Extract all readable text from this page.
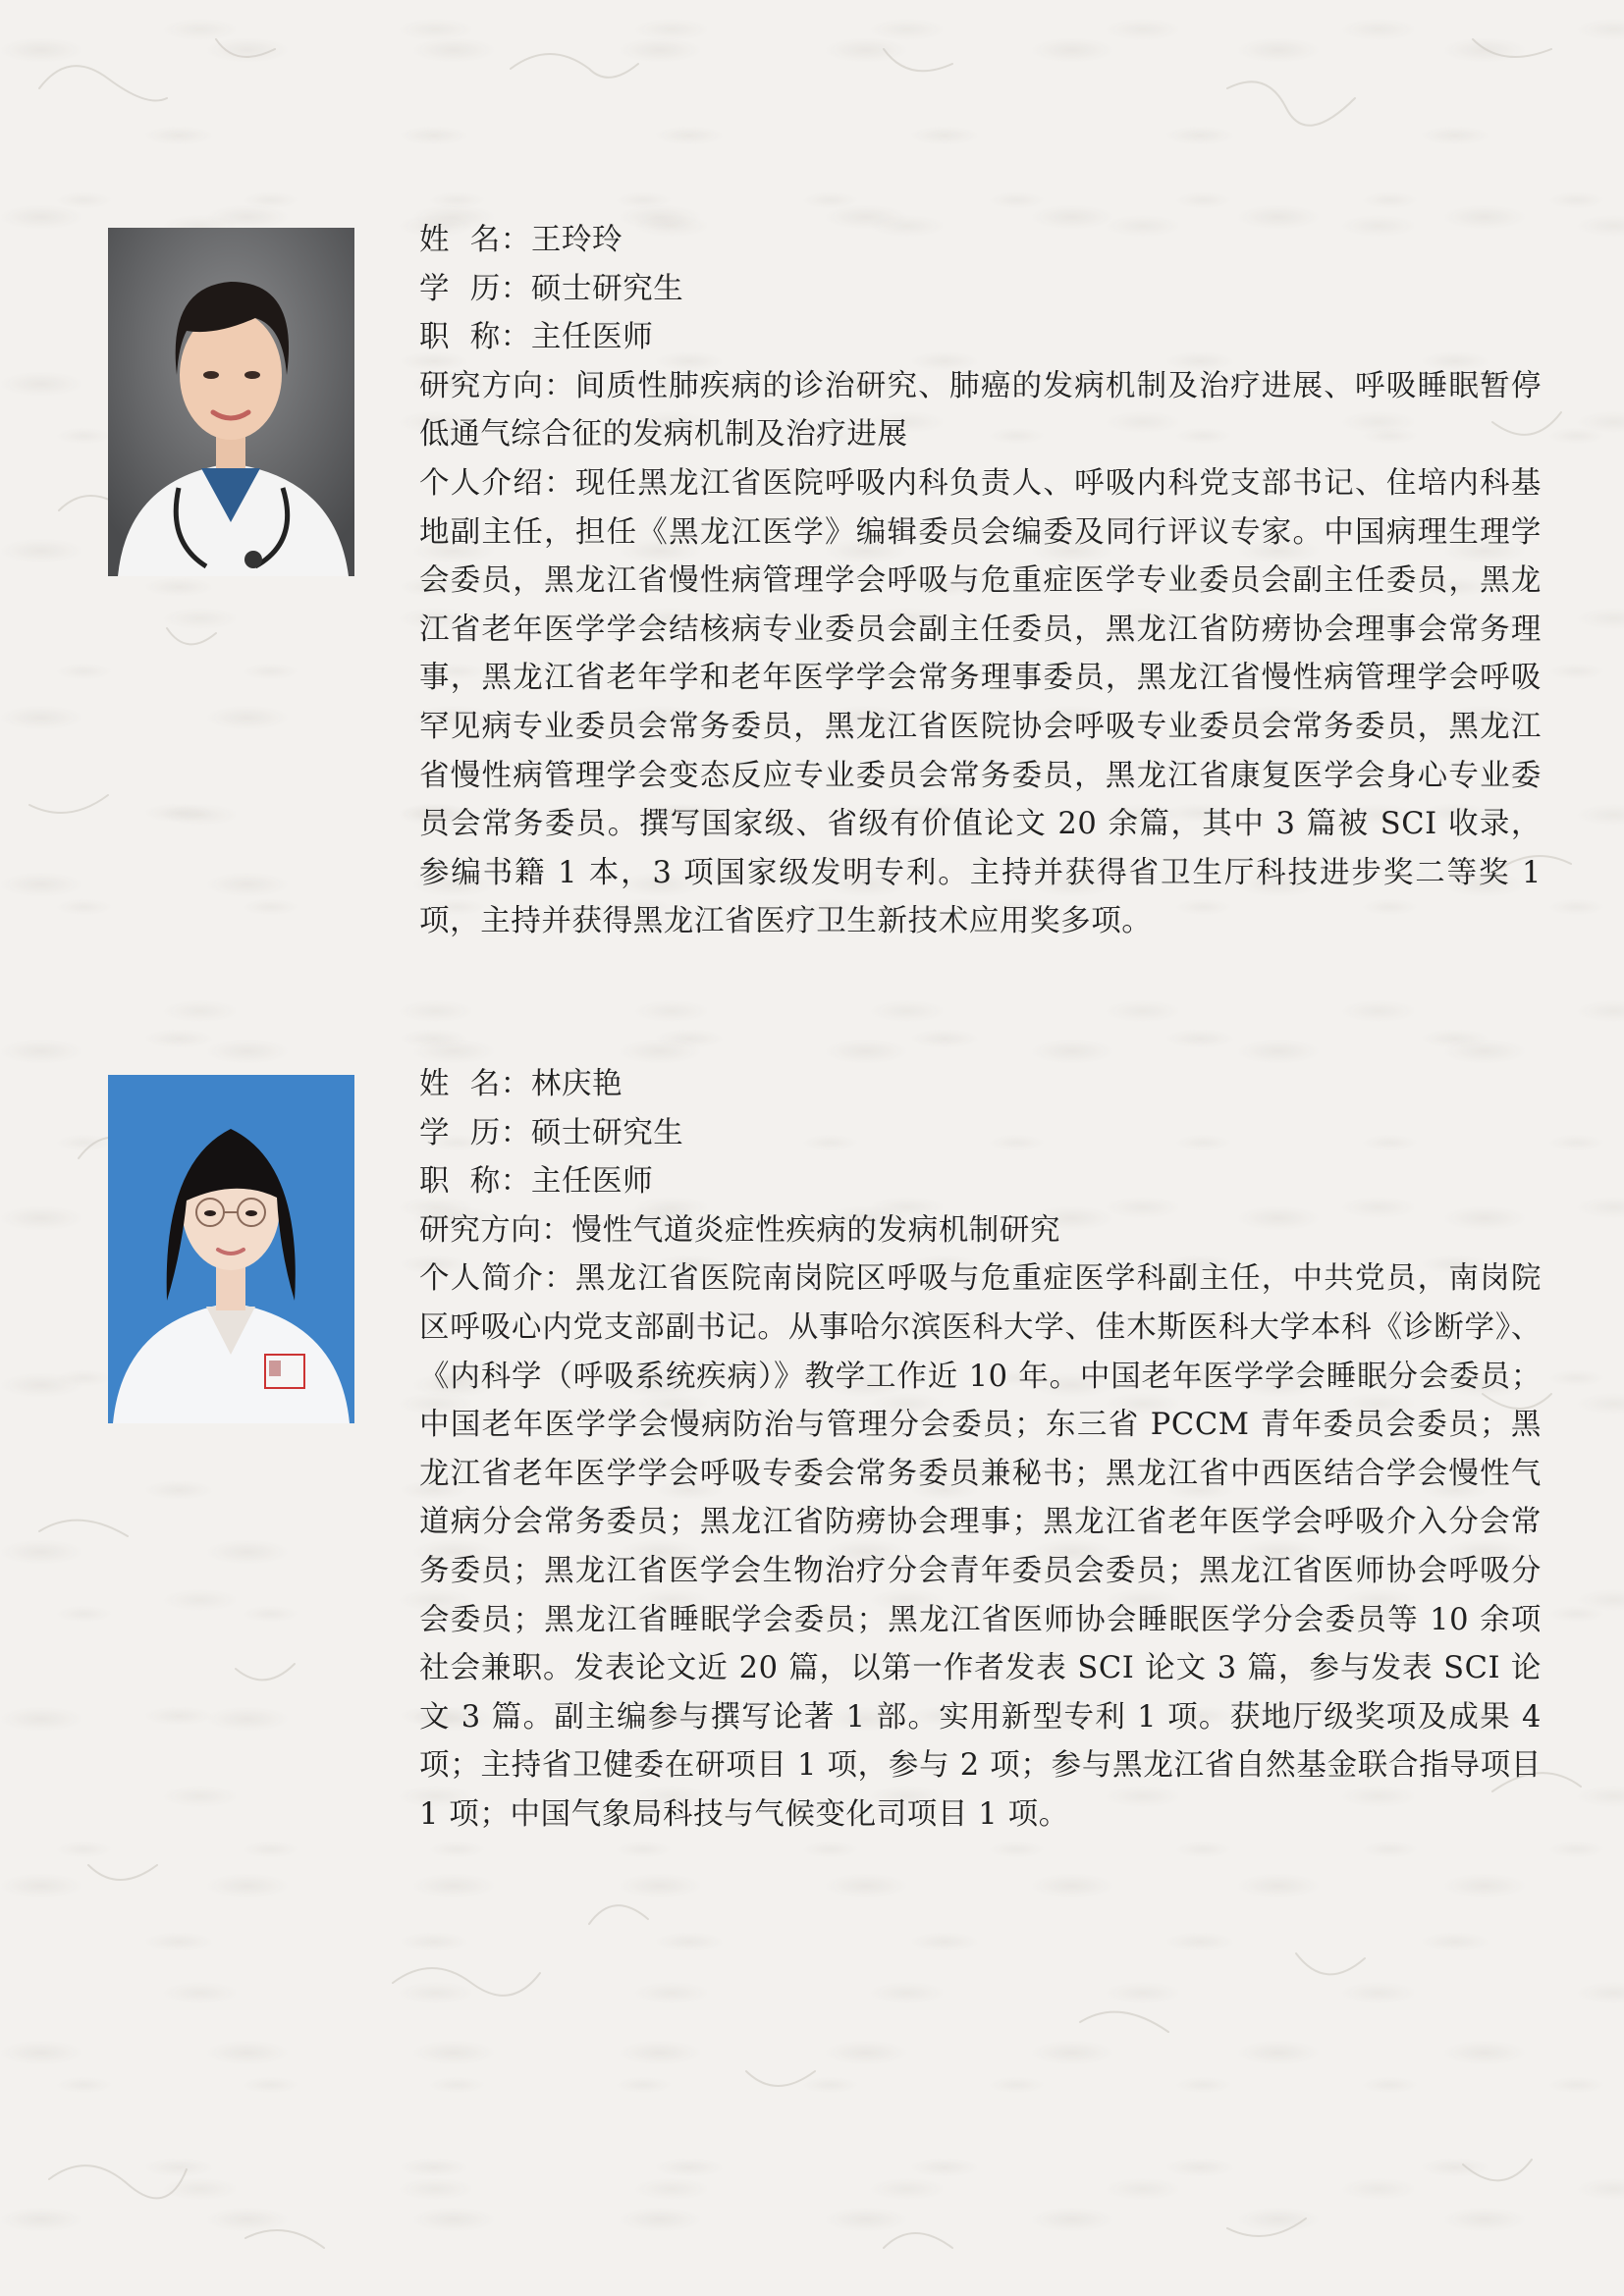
姓  名：王玲玲
学  历：硕士研究生
职  称：主任医师

研究方向：间质性肺疾病的诊治研究、肺癌的发病机制及治疗进展、呼吸睡眠暂停低通气综合征的发病机制及治疗进展

个人介绍：现任黑龙江省医院呼吸内科负责人、呼吸内科党支部书记、住培内科基地副主任，担任《黑龙江医学》编辑委员会编委及同行评议专家。中国病理生理学会委员，黑龙江省慢性病管理学会呼吸与危重症医学专业委员会副主任委员，黑龙江省老年医学学会结核病专业委员会副主任委员，黑龙江省防痨协会理事会常务理事，黑龙江省老年学和老年医学学会常务理事委员，黑龙江省慢性病管理学会呼吸罕见病专业委员会常务委员，黑龙江省医院协会呼吸专业委员会常务委员，黑龙江省慢性病管理学会变态反应专业委员会常务委员，黑龙江省康复医学会身心专业委员会常务委员。撰写国家级、省级有价值论文 20 余篇，其中 3 篇被 SCI 收录，参编书籍 1 本，3 项国家级发明专利。主持并获得省卫生厅科技进步奖二等奖 1 项，主持并获得黑龙江省医疗卫生新技术应用奖多项。

姓  名：林庆艳
学  历：硕士研究生
职  称：主任医师

研究方向：慢性气道炎症性疾病的发病机制研究

个人简介：黑龙江省医院南岗院区呼吸与危重症医学科副主任，中共党员，南岗院区呼吸心内党支部副书记。从事哈尔滨医科大学、佳木斯医科大学本科《诊断学》、《内科学（呼吸系统疾病）》教学工作近 10 年。中国老年医学学会睡眠分会委员；中国老年医学学会慢病防治与管理分会委员；东三省 PCCM 青年委员会委员；黑龙江省老年医学学会呼吸专委会常务委员兼秘书；黑龙江省中西医结合学会慢性气道病分会常务委员；黑龙江省防痨协会理事；黑龙江省老年医学会呼吸介入分会常务委员；黑龙江省医学会生物治疗分会青年委员会委员；黑龙江省医师协会呼吸分会委员；黑龙江省睡眠学会委员；黑龙江省医师协会睡眠医学分会委员等 10 余项社会兼职。发表论文近 20 篇，以第一作者发表 SCI 论文 3 篇，参与发表 SCI 论文 3 篇。副主编参与撰写论著 1 部。实用新型专利 1 项。获地厅级奖项及成果 4 项；主持省卫健委在研项目 1 项，参与 2 项；参与黑龙江省自然基金联合指导项目 1 项；中国气象局科技与气候变化司项目 1 项。
